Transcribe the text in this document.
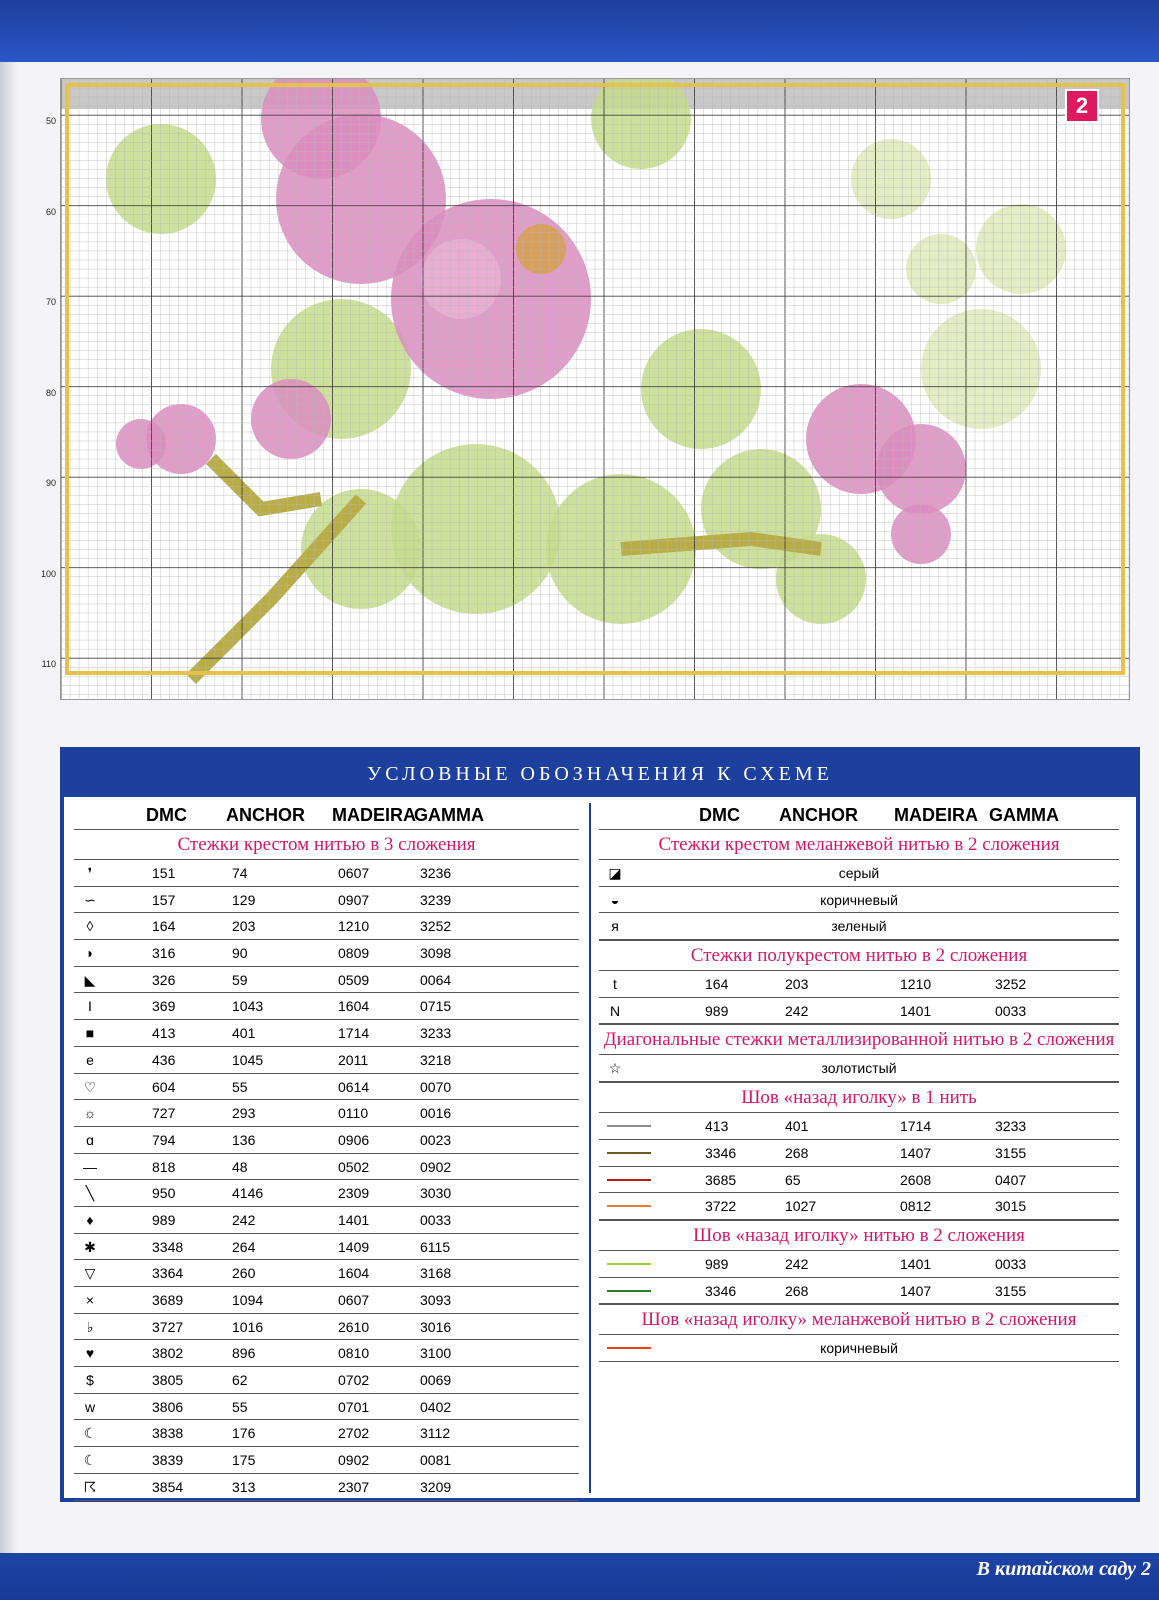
2
50
60
70
80
90
100
110
УСЛОВНЫЕ ОБОЗНАЧЕНИЯ К СХЕМЕ
DMC ANCHOR MADEIRA
GAMMA
Стежки крестом нитью в 3 сложения
❜	151	74	0607	3236
∽	157	129	0907	3239
◊	164	203	1210	3252
◗	316	90	0809	3098
◣	326	59	0509	0064
I	369	1043	1604	0715
■	413	401	1714	3233
e	436	1045	2011	3218
♡	604	55	0614	0070
☼	727	293	0110	0016
ɑ	794	136	0906	0023
—	818	48	0502	0902
╲	950	4146	2309	3030
♦	989	242	1401	0033
✱	3348	264	1409	6115
▽	3364	260	1604	3168
×	3689	1094	0607	3093
♭	3727	1016	2610	3016
♥	3802	896	0810	3100
$	3805	62	0702	0069
w	3806	55	0701	0402
☾	3838	176	2702	3112
☾	3839	175	0902	0081
☈	3854	313	2307	3209
DMC ANCHOR MADEIRA GAMMA
Стежки крестом меланжевой нитью в 2 сложения
◪	серый
◒	коричневый
я	зеленый
Стежки полукрестом нитью в 2 сложения
t	164	203	1210	3252
N	989	242	1401	0033
Диагональные стежки металлизированной нитью в 2 сложения
☆	золотистый
Шов «назад иголку» в 1 нить
413	401	1714	3233
3346	268	1407	3155
3685	65	2608	0407
3722	1027	0812	3015
Шов «назад иголку» нитью в 2 сложения
989	242	1401	0033
3346	268	1407	3155
Шов «назад иголку» меланжевой нитью в 2 сложения
коричневый
В китайском саду 2
